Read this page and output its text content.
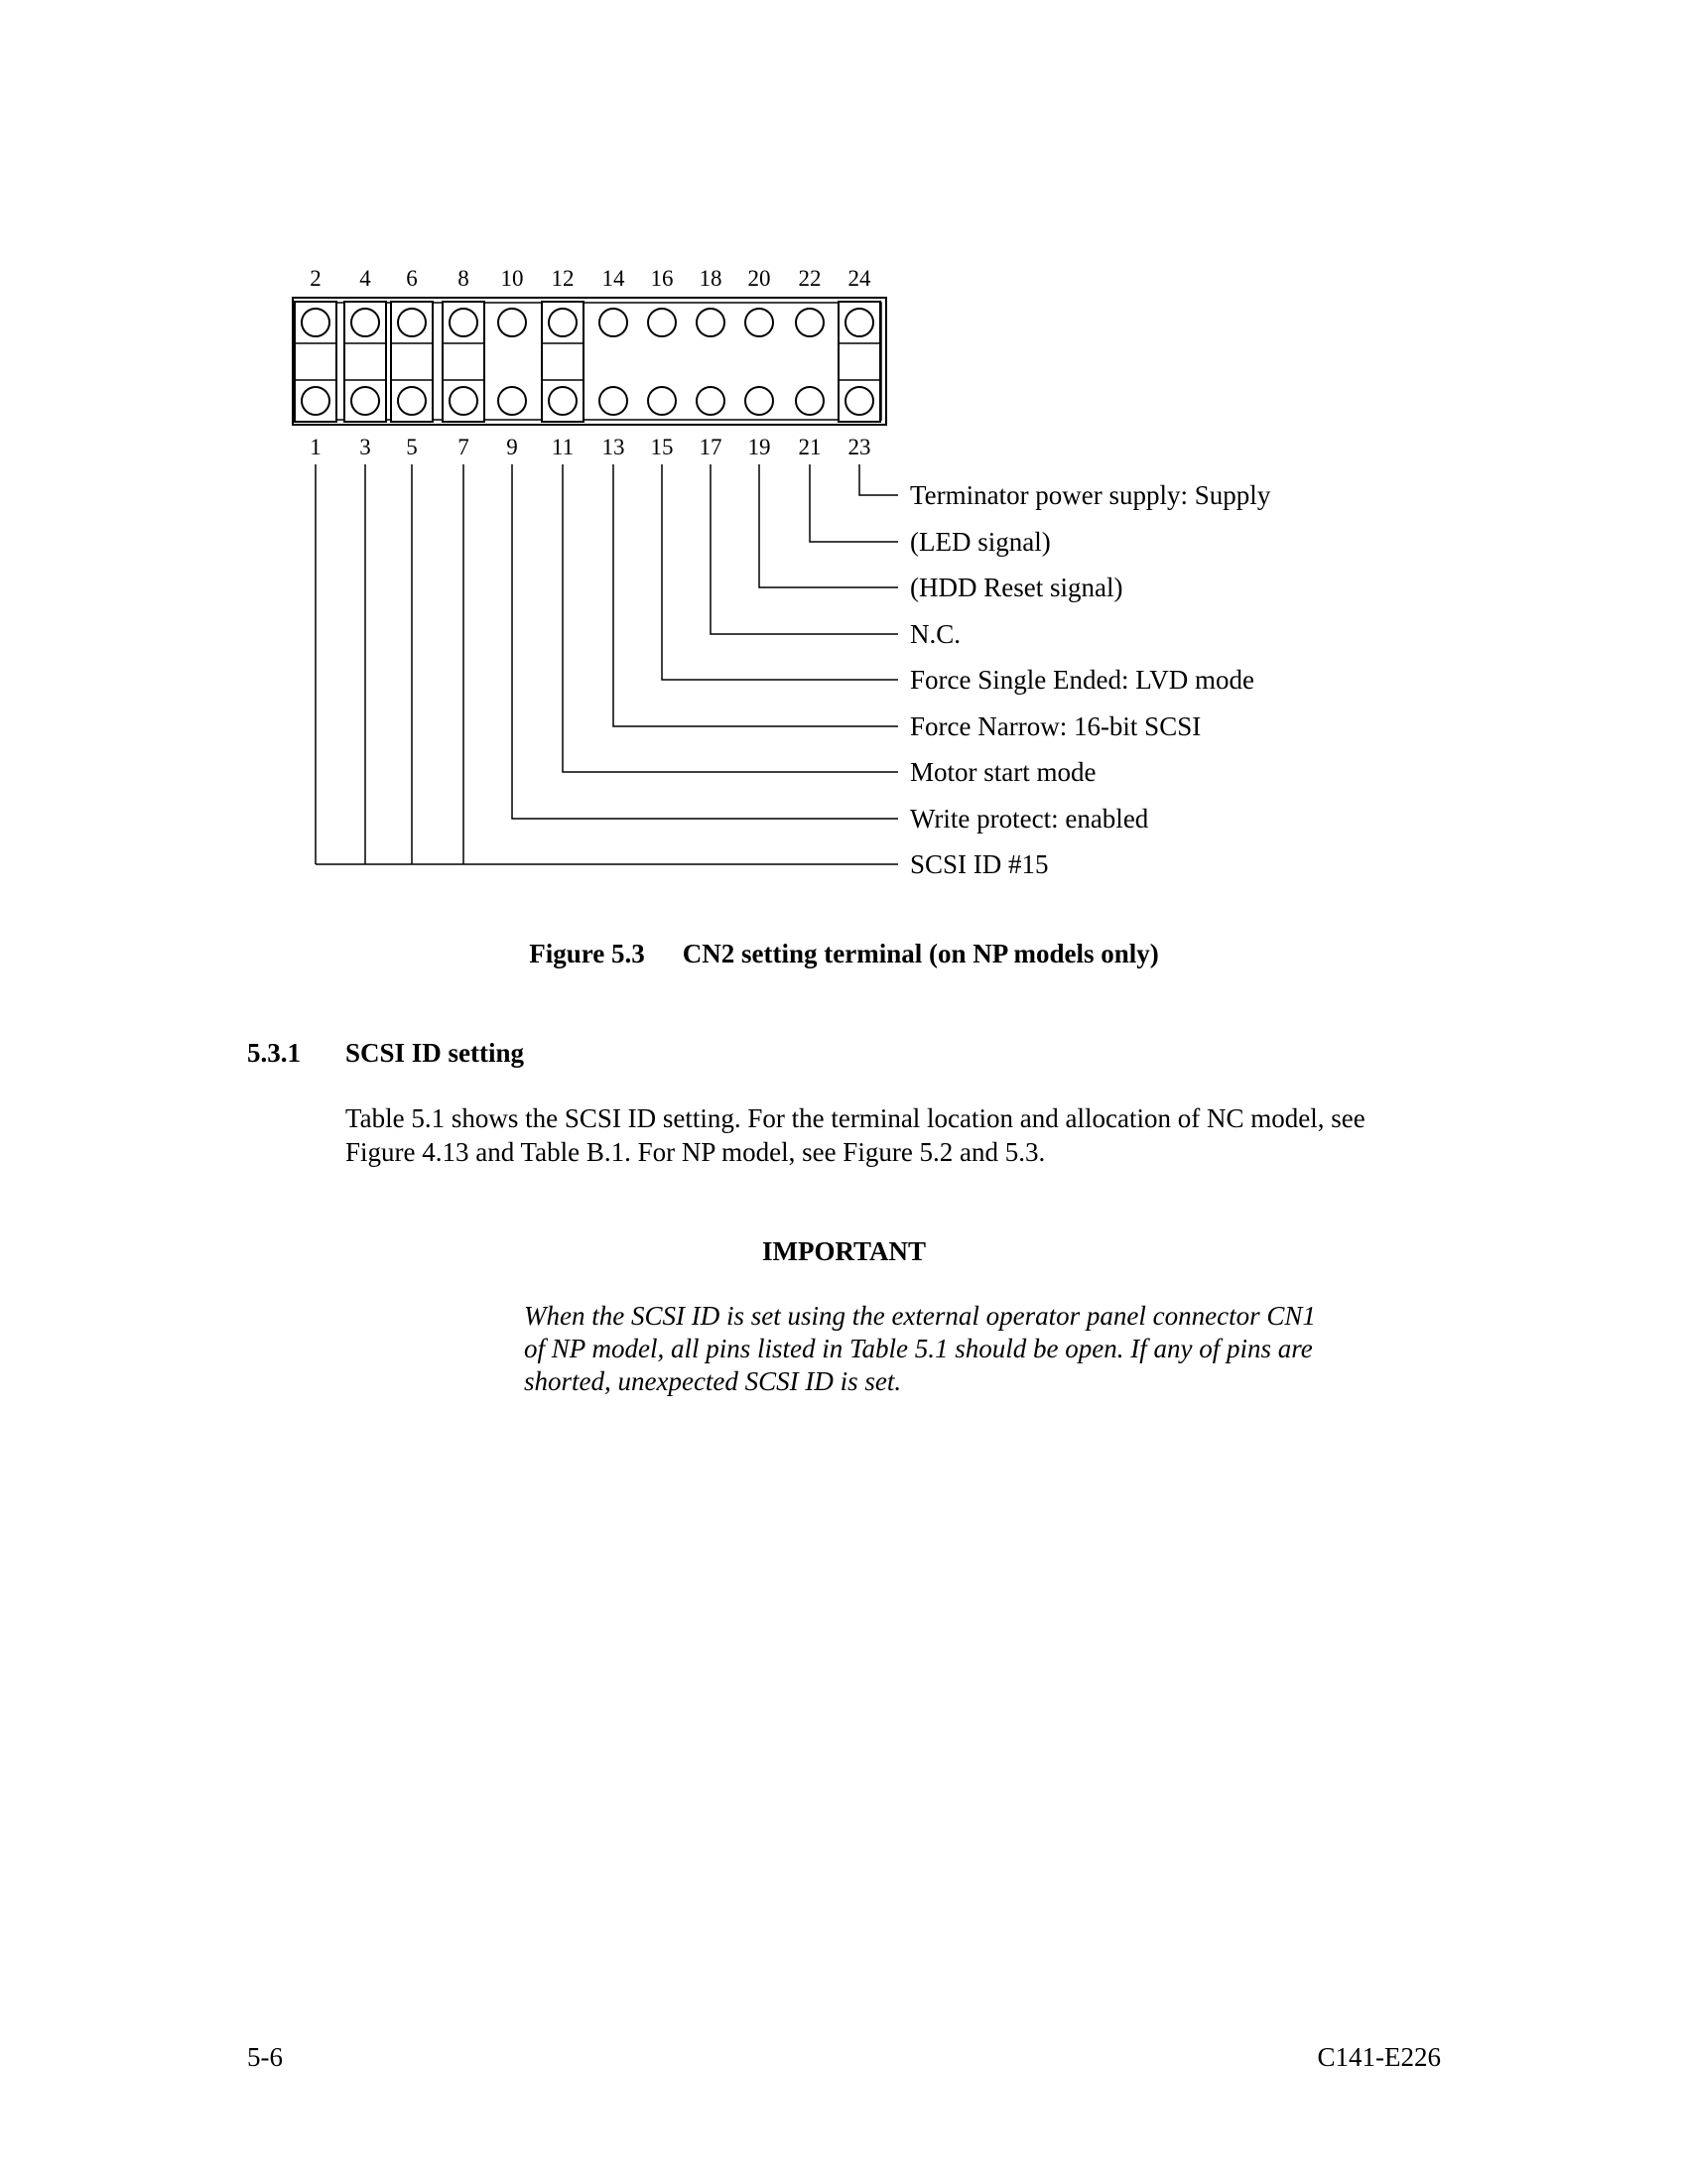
2 4 6 8 10 12 14 16 18 20 22 24
1 3 5 7 9 11 13 15 17 19 21 23
Terminator power supply: Supply
(LED signal)
(HDD Reset signal)
N.C.
Force Single Ended: LVD mode
Force Narrow: 16-bit SCSI
Motor start mode
Write protect: enabled
SCSI ID #15
Figure 5.3 CN2 setting terminal (on NP models only)
5.3.1 SCSI ID setting
Table 5.1 shows the SCSI ID setting. For the terminal location and allocation of NC model, see Figure 4.13 and Table B.1. For NP model, see Figure 5.2 and 5.3.
IMPORTANT
When the SCSI ID is set using the external operator panel connector CN1 of NP model, all pins listed in Table 5.1 should be open. If any of pins are shorted, unexpected SCSI ID is set.
5-6	C141-E226
